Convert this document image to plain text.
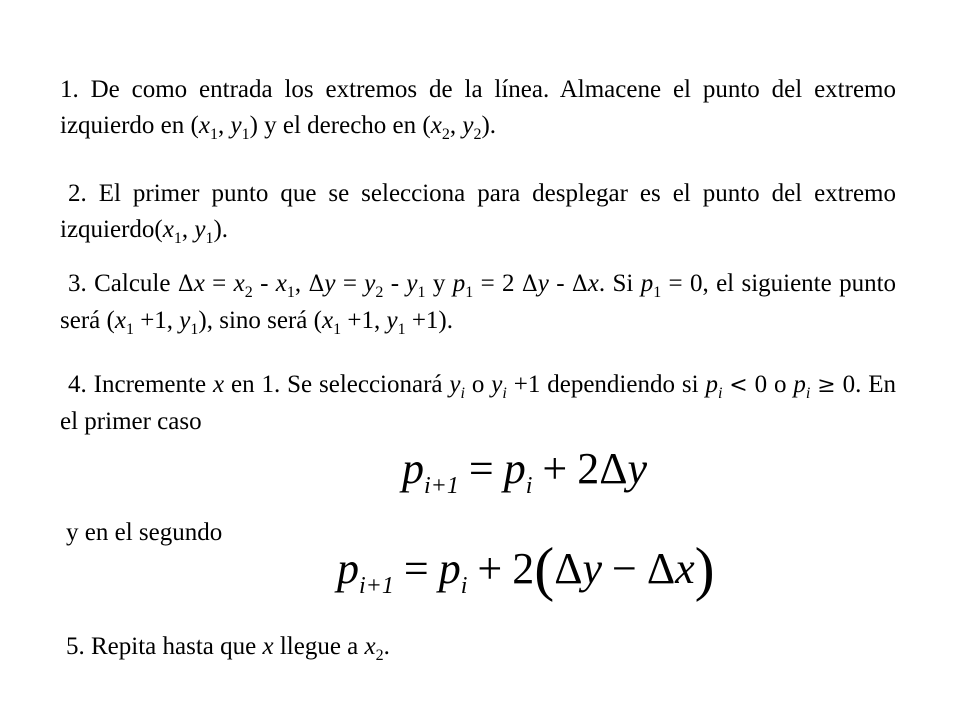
1. De como entrada los extremos de la línea. Almacene el punto del extremo izquierdo en ($x_1$, $y_1$) y el derecho en ($x_2$, $y_2$).
2. El primer punto que se selecciona para desplegar es el punto del extremo $izquierdo(x_1$, $y_1$).
3. Calcule $\Delta x = x_2 - x_1$, $\Delta y = y_2 - y_1$ y $p_1 = 2$ Δy - Δx. Si $p_1 = 0$, el siguiente punto será ($x_1 +1$, $y_1$), sino será ($x_1 +1$, $y_1 +1$).
4. Incremente x en 1. Se seleccionará $y_i$ o $y_i +1$ dependiendo si $p_i < 0$ o $p_i \ge 0$. En el primer caso
$p_{i+1} = p_i + 2\Delta y$
y en el segundo
$p_{i+1} = p_i + 2(\Delta y - \Delta x)$
5. Repita hasta que x llegue a $x_2$.
